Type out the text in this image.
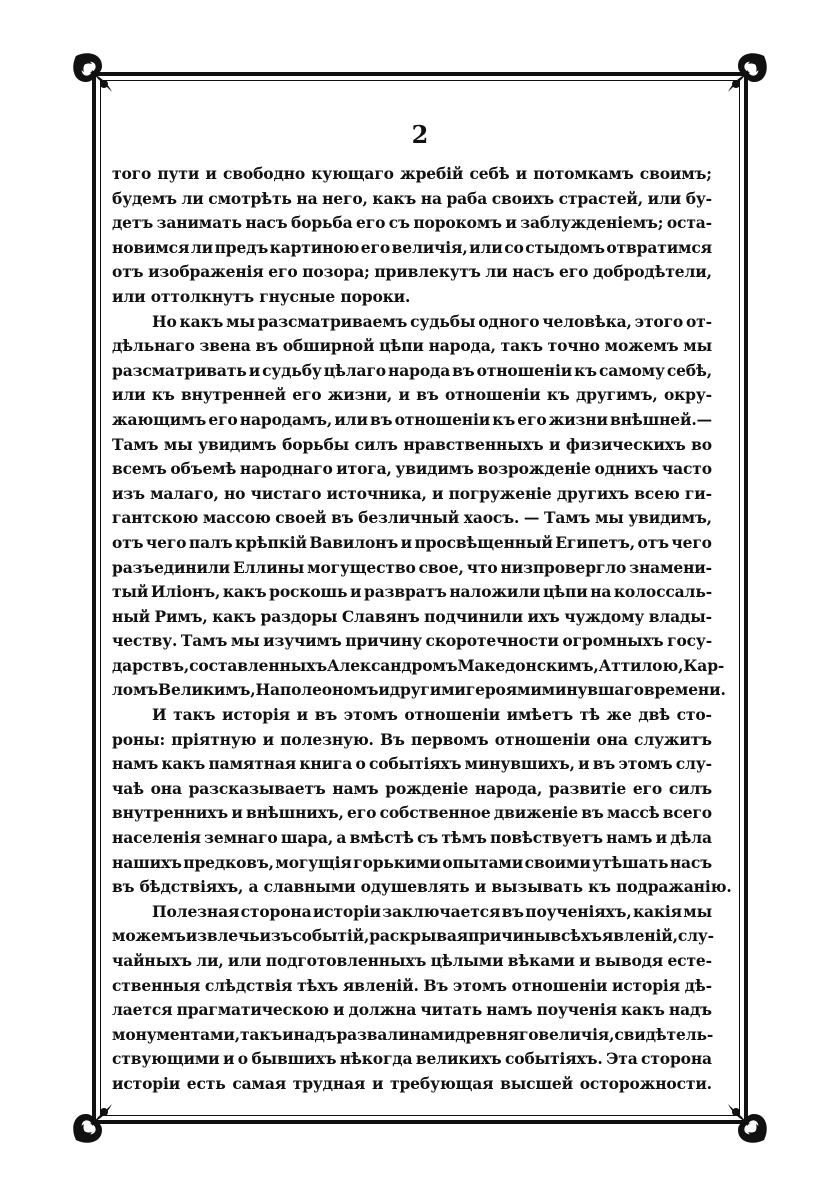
2
того пути и свободно кующаго жребій себѣ и потомкамъ своимъ;
будемъ ли смотрѣть на него, какъ на раба своихъ страстей, или бу-
детъ занимать насъ борьба его съ порокомъ и заблужденіемъ; оста-
новимся ли предъ картиною его величія, или со стыдомъ отвратимся
отъ изображенія его позора; привлекутъ ли насъ его добродѣтели,
или оттолкнутъ гнусные пороки.
Но какъ мы разсматриваемъ судьбы одного человѣка, этого от-
дѣльнаго звена въ обширной цѣпи народа, такъ точно можемъ мы
разсматривать и судьбу цѣлаго народа въ отношеніи къ самому себѣ,
или къ внутренней его жизни, и въ отношеніи къ другимъ, окру-
жающимъ его народамъ, или въ отношеніи къ его жизни внѣшней.—
Тамъ мы увидимъ борьбы силъ нравственныхъ и физическихъ во
всемъ объемѣ народнаго итога, увидимъ возрожденіе однихъ часто
изъ малаго, но чистаго источника, и погруженіе другихъ всею ги-
гантскою массою своей въ безличный хаосъ. — Тамъ мы увидимъ,
отъ чего палъ крѣпкій Вавилонъ и просвѣщенный Египетъ, отъ чего
разъединили Еллины могущество свое, что низпровергло знамени-
тый Иліонъ, какъ роскошь и развратъ наложили цѣпи на колоссаль-
ный Римъ, какъ раздоры Славянъ подчинили ихъ чуждому влады-
честву. Тамъ мы изучимъ причину скоротечности огромныхъ госу-
дарствъ, составленныхъ Александромъ Македонскимъ, Аттилою, Кар-
ломъ Великимъ, Наполеономъ и другими героями минувшаго времени.
И такъ исторія и въ этомъ отношеніи имѣетъ тѣ же двѣ сто-
роны: пріятную и полезную. Въ первомъ отношеніи она служитъ
намъ какъ памятная книга о событіяхъ минувшихъ, и въ этомъ слу-
чаѣ она разсказываетъ намъ рожденіе народа, развитіе его силъ
внутреннихъ и внѣшнихъ, его собственное движеніе въ массѣ всего
населенія земнаго шара, а вмѣстѣ съ тѣмъ повѣствуетъ намъ и дѣла
нашихъ предковъ, могущія горькими опытами своими утѣшать насъ
въ бѣдствіяхъ, а славными одушевлять и вызывать къ подражанію.
Полезная сторона исторіи заключается въ поученіяхъ, какія мы
можемъ извлечь изъ событій, раскрывая причины всѣхъ явленій, слу-
чайныхъ ли, или подготовленныхъ цѣлыми вѣками и выводя есте-
ственныя слѣдствія тѣхъ явленій. Въ этомъ отношеніи исторія дѣ-
лается прагматическою и должна читать намъ поученія какъ надъ
монументами, такъ и надъ развалинами древняго величія, свидѣтель-
ствующими и о бывшихъ нѣкогда великихъ событіяхъ. Эта сторона
исторіи есть самая трудная и требующая высшей осторожности.
